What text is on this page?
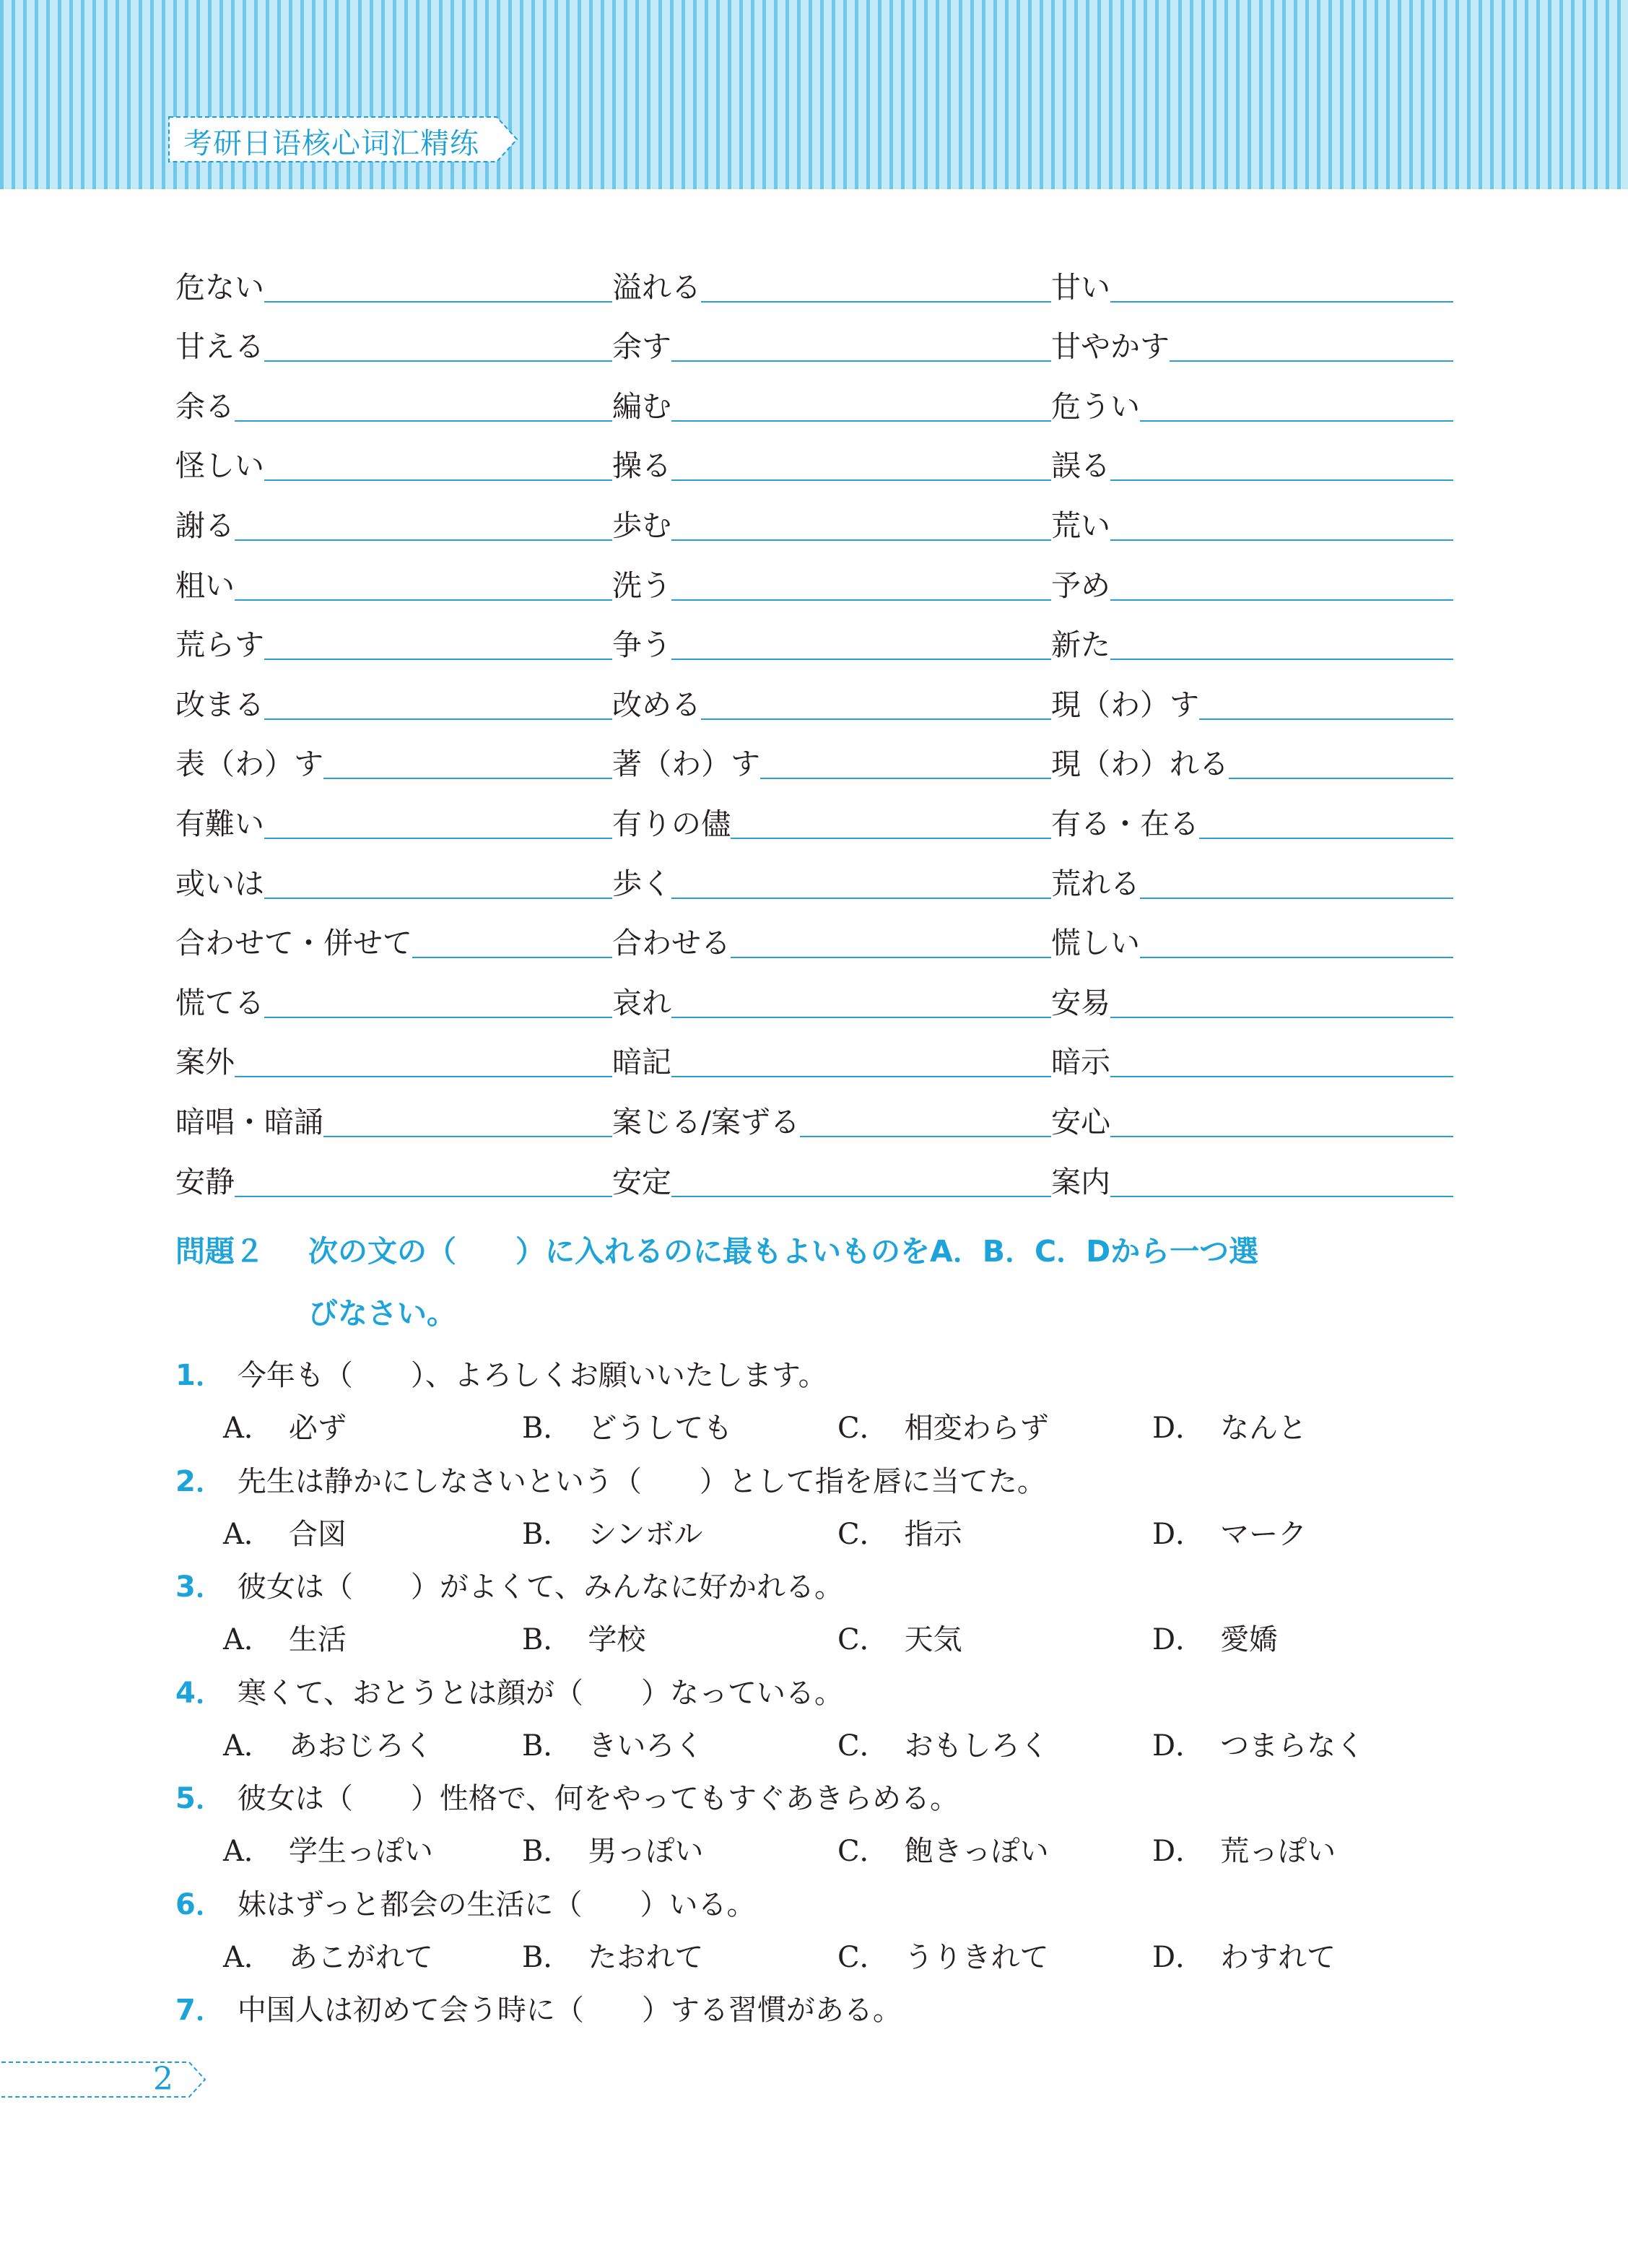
考研日语核心词汇精练
危ない	溢れる	甘い
甘える	余す	甘やかす
余る	編む	危うい
怪しい	操る	誤る
謝る	歩む	荒い
粗い	洗う	予め
荒らす	争う	新た
改まる	改める	現（わ）す
表（わ）す	著（わ）す	現（わ）れる
有難い	有りの儘	有る・在る
或いは	歩く	荒れる
合わせて・併せて	合わせる	慌しい
慌てる	哀れ	安易
案外	暗記	暗示
暗唱・暗誦	案じる/案ずる	安心
安静	安定	案内
問題２ 次の文の（　　）に入れるのに最もよいものをA．B．C．Dから一つ選
びなさい。
1． 今年も（　　）、よろしくお願いいたします。
A． 必ず	B． どうしても	C． 相変わらず	D． なんと
2． 先生は静かにしなさいという（　　）として指を唇に当てた。
A． 合図	B． シンボル	C． 指示	D． マーク
3． 彼女は（　　）がよくて、みんなに好かれる。
A． 生活	B． 学校	C． 天気	D． 愛嬌
4． 寒くて、おとうとは顔が（　　）なっている。
A． あおじろく	B． きいろく	C． おもしろく	D． つまらなく
5． 彼女は（　　）性格で、何をやってもすぐあきらめる。
A． 学生っぽい	B． 男っぽい	C． 飽きっぽい	D． 荒っぽい
6． 妹はずっと都会の生活に（　　）いる。
A． あこがれて	B． たおれて	C． うりきれて	D． わすれて
7． 中国人は初めて会う時に（　　）する習慣がある。
2
